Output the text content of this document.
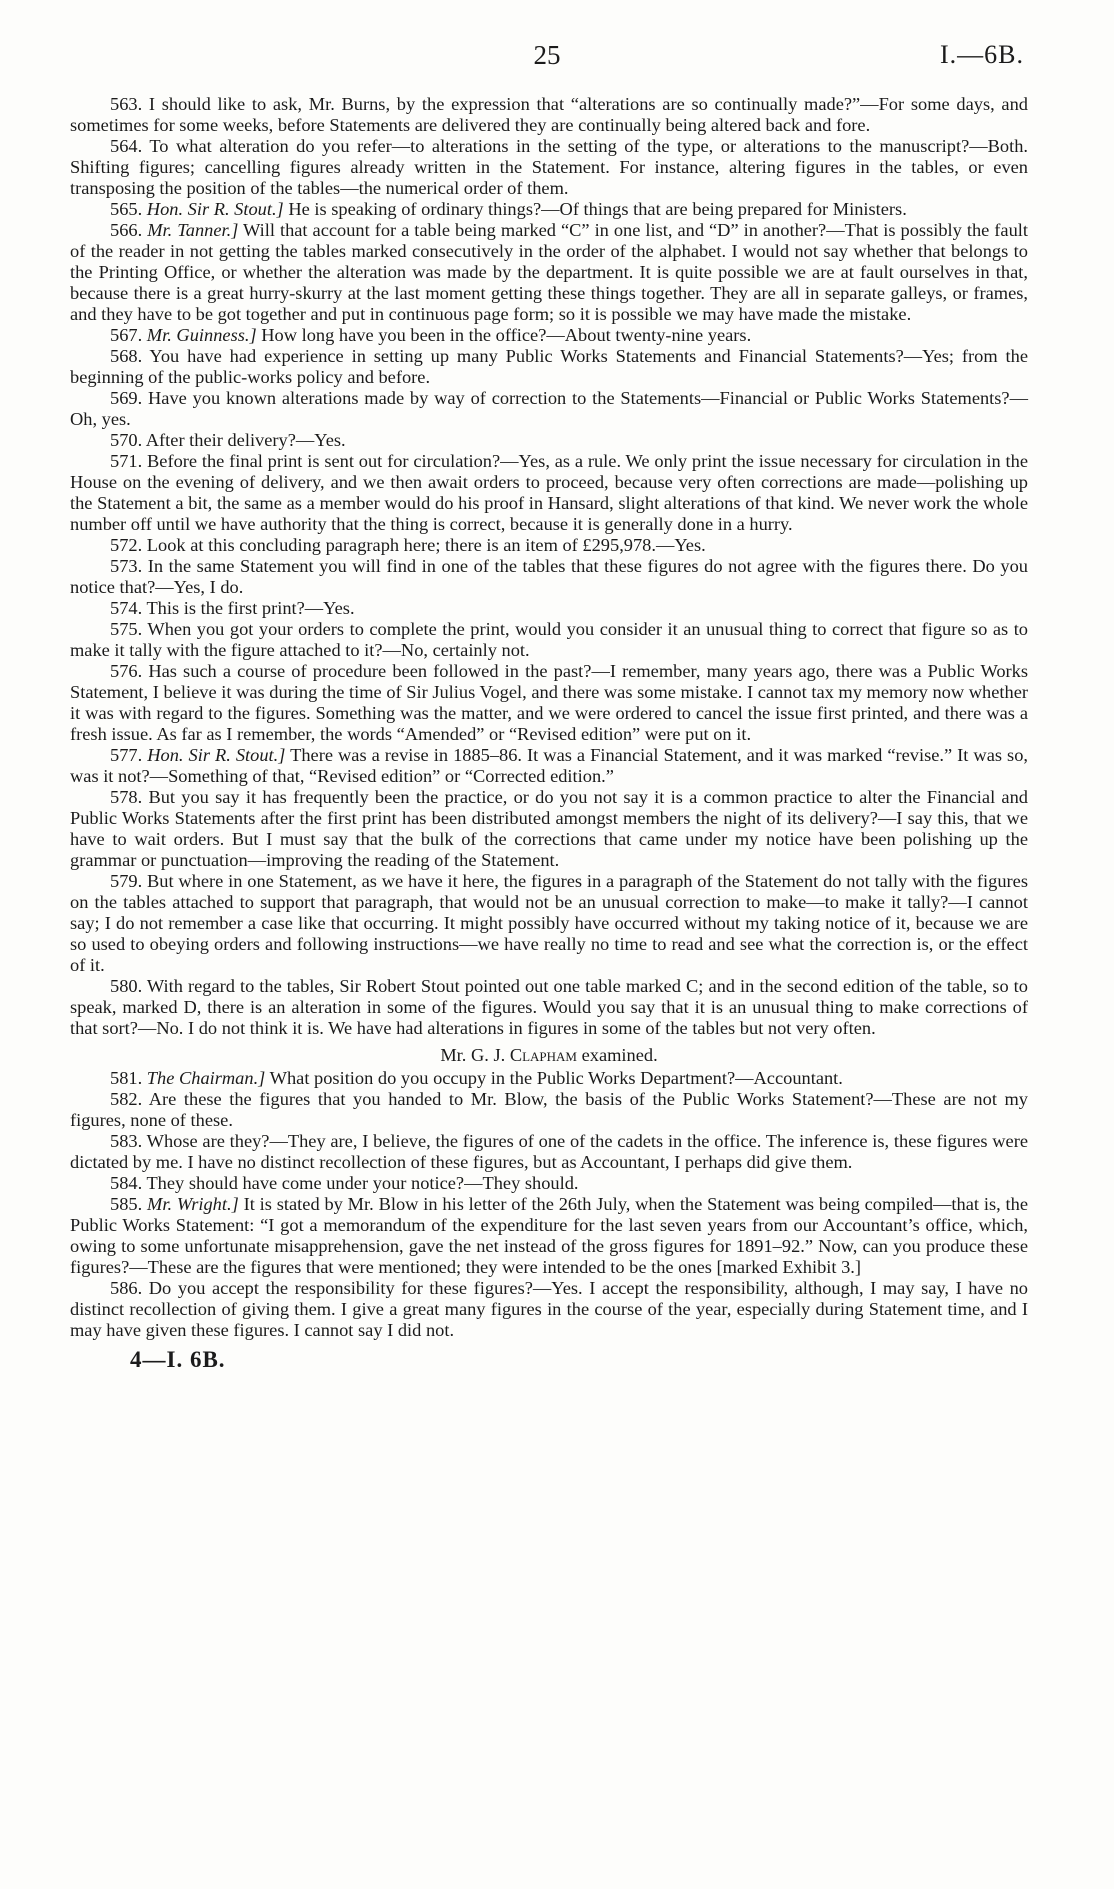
25	I.—6B.

563. I should like to ask, Mr. Burns, by the expression that “alterations are so continually made?”—For some days, and sometimes for some weeks, before Statements are delivered they are continually being altered back and fore.

564. To what alteration do you refer—to alterations in the setting of the type, or alterations to the manuscript?—Both. Shifting figures; cancelling figures already written in the Statement. For instance, altering figures in the tables, or even transposing the position of the tables—the numerical order of them.

565. Hon. Sir R. Stout.] He is speaking of ordinary things?—Of things that are being prepared for Ministers.

566. Mr. Tanner.] Will that account for a table being marked “C” in one list, and “D” in another?—That is possibly the fault of the reader in not getting the tables marked consecutively in the order of the alphabet. I would not say whether that belongs to the Printing Office, or whether the alteration was made by the department. It is quite possible we are at fault ourselves in that, because there is a great hurry-skurry at the last moment getting these things together. They are all in separate galleys, or frames, and they have to be got together and put in continuous page form; so it is possible we may have made the mistake.

567. Mr. Guinness.] How long have you been in the office?—About twenty-nine years.

568. You have had experience in setting up many Public Works Statements and Financial Statements?—Yes; from the beginning of the public-works policy and before.

569. Have you known alterations made by way of correction to the Statements—Financial or Public Works Statements?—Oh, yes.

570. After their delivery?—Yes.

571. Before the final print is sent out for circulation?—Yes, as a rule. We only print the issue necessary for circulation in the House on the evening of delivery, and we then await orders to proceed, because very often corrections are made—polishing up the Statement a bit, the same as a member would do his proof in Hansard, slight alterations of that kind. We never work the whole number off until we have authority that the thing is correct, because it is generally done in a hurry.

572. Look at this concluding paragraph here; there is an item of £295,978.—Yes.

573. In the same Statement you will find in one of the tables that these figures do not agree with the figures there. Do you notice that?—Yes, I do.

574. This is the first print?—Yes.

575. When you got your orders to complete the print, would you consider it an unusual thing to correct that figure so as to make it tally with the figure attached to it?—No, certainly not.

576. Has such a course of procedure been followed in the past?—I remember, many years ago, there was a Public Works Statement, I believe it was during the time of Sir Julius Vogel, and there was some mistake. I cannot tax my memory now whether it was with regard to the figures. Something was the matter, and we were ordered to cancel the issue first printed, and there was a fresh issue. As far as I remember, the words “Amended” or “Revised edition” were put on it.

577. Hon. Sir R. Stout.] There was a revise in 1885–86. It was a Financial Statement, and it was marked “revise.” It was so, was it not?—Something of that, “Revised edition” or “Corrected edition.”

578. But you say it has frequently been the practice, or do you not say it is a common practice to alter the Financial and Public Works Statements after the first print has been distributed amongst members the night of its delivery?—I say this, that we have to wait orders. But I must say that the bulk of the corrections that came under my notice have been polishing up the grammar or punctuation—improving the reading of the Statement.

579. But where in one Statement, as we have it here, the figures in a paragraph of the Statement do not tally with the figures on the tables attached to support that paragraph, that would not be an unusual correction to make—to make it tally?—I cannot say; I do not remember a case like that occurring. It might possibly have occurred without my taking notice of it, because we are so used to obeying orders and following instructions—we have really no time to read and see what the correction is, or the effect of it.

580. With regard to the tables, Sir Robert Stout pointed out one table marked C; and in the second edition of the table, so to speak, marked D, there is an alteration in some of the figures. Would you say that it is an unusual thing to make corrections of that sort?—No. I do not think it is. We have had alterations in figures in some of the tables but not very often.

Mr. G. J. Clapham examined.

581. The Chairman.] What position do you occupy in the Public Works Department?—Accountant.

582. Are these the figures that you handed to Mr. Blow, the basis of the Public Works Statement?—These are not my figures, none of these.

583. Whose are they?—They are, I believe, the figures of one of the cadets in the office. The inference is, these figures were dictated by me. I have no distinct recollection of these figures, but as Accountant, I perhaps did give them.

584. They should have come under your notice?—They should.

585. Mr. Wright.] It is stated by Mr. Blow in his letter of the 26th July, when the Statement was being compiled—that is, the Public Works Statement: “I got a memorandum of the expenditure for the last seven years from our Accountant’s office, which, owing to some unfortunate misapprehension, gave the net instead of the gross figures for 1891–92.” Now, can you produce these figures?—These are the figures that were mentioned; they were intended to be the ones [marked Exhibit 3.]

586. Do you accept the responsibility for these figures?—Yes. I accept the responsibility, although, I may say, I have no distinct recollection of giving them. I give a great many figures in the course of the year, especially during Statement time, and I may have given these figures. I cannot say I did not.

4—I. 6B.
